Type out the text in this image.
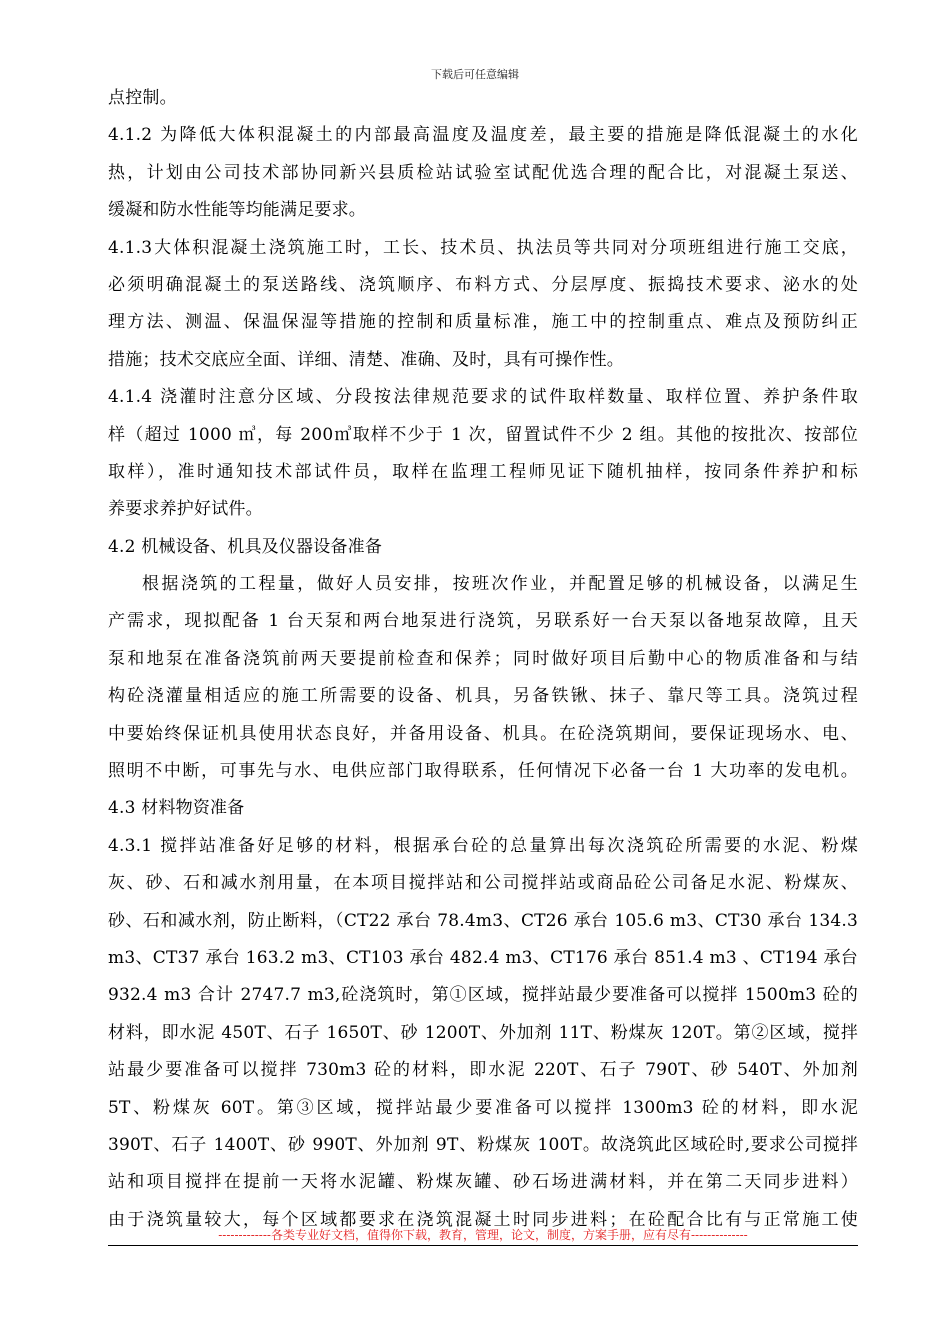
下载后可任意编辑
点控制。
4.1.2 为降低大体积混凝土的内部最高温度及温度差，最主要的措施是降低混凝土的水化
热，计划由公司技术部协同新兴县质检站试验室试配优选合理的配合比，对混凝土泵送、
缓凝和防水性能等均能满足要求。
4.1.3大体积混凝土浇筑施工时，工长、技术员、执法员等共同对分项班组进行施工交底，
必须明确混凝土的泵送路线、浇筑顺序、布料方式、分层厚度、振捣技术要求、泌水的处
理方法、测温、保温保湿等措施的控制和质量标准，施工中的控制重点、难点及预防纠正
措施；技术交底应全面、详细、清楚、准确、及时，具有可操作性。
4.1.4 浇灌时注意分区域、分段按法律规范要求的试件取样数量、取样位置、养护条件取
样（超过 1000 ㎥，每 200㎥取样不少于 1 次，留置试件不少 2 组。其他的按批次、按部位
取样），准时通知技术部试件员，取样在监理工程师见证下随机抽样，按同条件养护和标
养要求养护好试件。
4.2 机械设备、机具及仪器设备准备
根据浇筑的工程量，做好人员安排，按班次作业，并配置足够的机械设备，以满足生
产需求，现拟配备 1 台天泵和两台地泵进行浇筑，另联系好一台天泵以备地泵故障，且天
泵和地泵在准备浇筑前两天要提前检查和保养；同时做好项目后勤中心的物质准备和与结
构砼浇灌量相适应的施工所需要的设备、机具，另备铁锹、抹子、靠尺等工具。浇筑过程
中要始终保证机具使用状态良好，并备用设备、机具。在砼浇筑期间，要保证现场水、电、
照明不中断，可事先与水、电供应部门取得联系，任何情况下必备一台 1 大功率的发电机。
4.3 材料物资准备
4.3.1 搅拌站准备好足够的材料，根据承台砼的总量算出每次浇筑砼所需要的水泥、粉煤
灰、砂、石和减水剂用量，在本项目搅拌站和公司搅拌站或商品砼公司备足水泥、粉煤灰、
砂、石和减水剂，防止断料，（CT22 承台 78.4m3、CT26 承台 105.6 m3、CT30 承台 134.3
m3、CT37 承台 163.2 m3、CT103 承台 482.4 m3、CT176 承台 851.4 m3 、CT194 承台
932.4 m3 合计 2747.7 m3,砼浇筑时，第①区域，搅拌站最少要准备可以搅拌 1500m3 砼的
材料，即水泥 450T、石子 1650T、砂 1200T、外加剂 11T、粉煤灰 120T。第②区域，搅拌
站最少要准备可以搅拌 730m3 砼的材料，即水泥 220T、石子 790T、砂 540T、外加剂
5T、粉煤灰 60T。第③区域，搅拌站最少要准备可以搅拌 1300m3 砼的材料，即水泥
390T、石子 1400T、砂 990T、外加剂 9T、粉煤灰 100T。故浇筑此区域砼时,要求公司搅拌
站和项目搅拌在提前一天将水泥罐、粉煤灰罐、砂石场进满材料，并在第二天同步进料）
由于浇筑量较大，每个区域都要求在浇筑混凝土时同步进料；在砼配合比有与正常施工使
-------------各类专业好文档，值得你下载，教育，管理，论文，制度，方案手册，应有尽有--------------
